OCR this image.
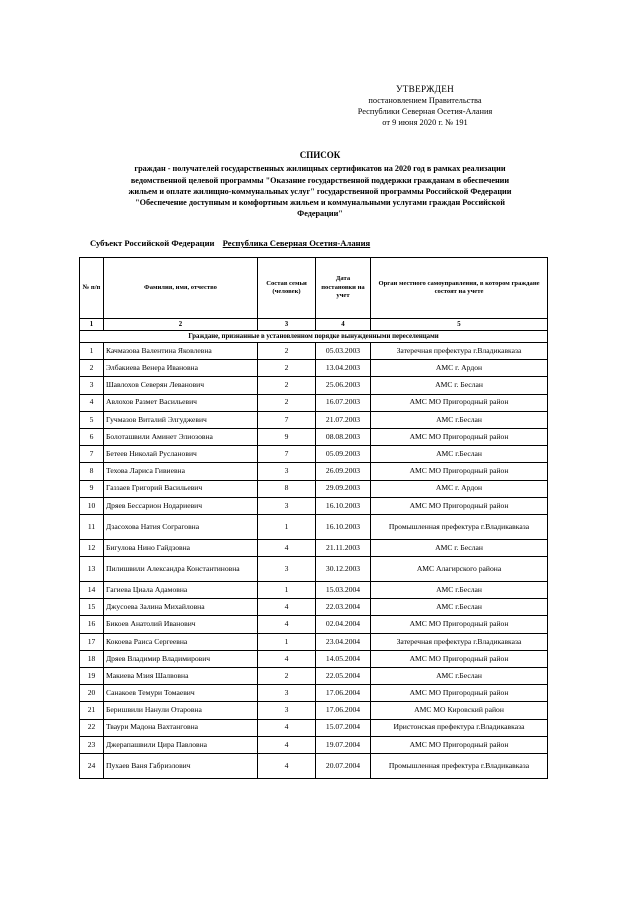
УТВЕРЖДЕН
постановлением Правительства
Республики Северная Осетия-Алания
от 9 июня 2020 г. № 191
СПИСОК
граждан - получателей государственных жилищных сертификатов на 2020 год в рамках реализации
ведомственной целевой программы "Оказание государственной поддержки гражданам в обеспечении
жильем и оплате жилищно-коммунальных услуг" государственной программы Российской Федерации
"Обеспечение доступным и комфортным жильем и коммунальными услугами граждан Российской
Федерации"
Субъект Российской Федерации Республика Северная Осетия-Алания
№ п/п	Фамилия, имя, отчество	Состав семьи (человек)	Дата постановки на учет	Орган местного самоуправления, в котором граждане состоят на учете
1	2	3	4	5
Граждане, признанные в установленном порядке вынужденными переселенцами				
1	Качмазова Валентина Яковлевна	2	05.03.2003	Затеречная префектура г.Владикавказа
2	Элбакиева Венера Ивановна	2	13.04.2003	АМС г. Ардон
3	Шавлохов Северян Леванович	2	25.06.2003	АМС г. Беслан
4	Авлохов Размет Васильевич	2	16.07.2003	АМС МО Пригородный район
5	Гучмазов Виталий Элгуджевич	7	21.07.2003	АМС г.Беслан
6	Болоташвили Аминет Элиозовна	9	08.08.2003	АМС МО Пригородный район
7	Бетеев Николай Русланович	7	05.09.2003	АМС г.Беслан
8	Техова Лариса Гивиевна	3	26.09.2003	АМС МО Пригородный район
9	Газзаев Григорий Васильевич	8	29.09.2003	АМС г. Ардон
10	Дряев Бессарион Нодариевич	3	16.10.2003	АМС МО Пригородный район
11	Дзасохова Натия Сограговна	1	16.10.2003	Промышленная префектура г.Владикавказа
12	Бигулова Нино Гайдзовна	4	21.11.2003	АМС г. Беслан
13	Пилишвили Александра Константиновна	3	30.12.2003	АМС Алагирского района
14	Гагиева Циала Адамовна	1	15.03.2004	АМС г.Беслан
15	Джусоева Залина Михайловна	4	22.03.2004	АМС г.Беслан
16	Бикоев Анатолий Иванович	4	02.04.2004	АМС МО Пригородный район
17	Кокоева Раиса Сергеевна	1	23.04.2004	Затеречная префектура г.Владикавказа
18	Дряев Владимир Владимирович	4	14.05.2004	АМС МО Пригородный район
19	Макиева Мзия Шалвовна	2	22.05.2004	АМС г.Беслан
20	Санакоев Темури Томаевич	3	17.06.2004	АМС МО Пригородный район
21	Беришвили Нанули Отаровна	3	17.06.2004	АМС МО Кировский район
22	Тваури Мадона Вахтанговна	4	15.07.2004	Иристонская префектура г.Владикавказа
23	Джерапашвили Цира Павловна	4	19.07.2004	АМС МО Пригородный район
24	Пухаев Ваня Габриэлович	4	20.07.2004	Промышленная префектура г.Владикавказа
